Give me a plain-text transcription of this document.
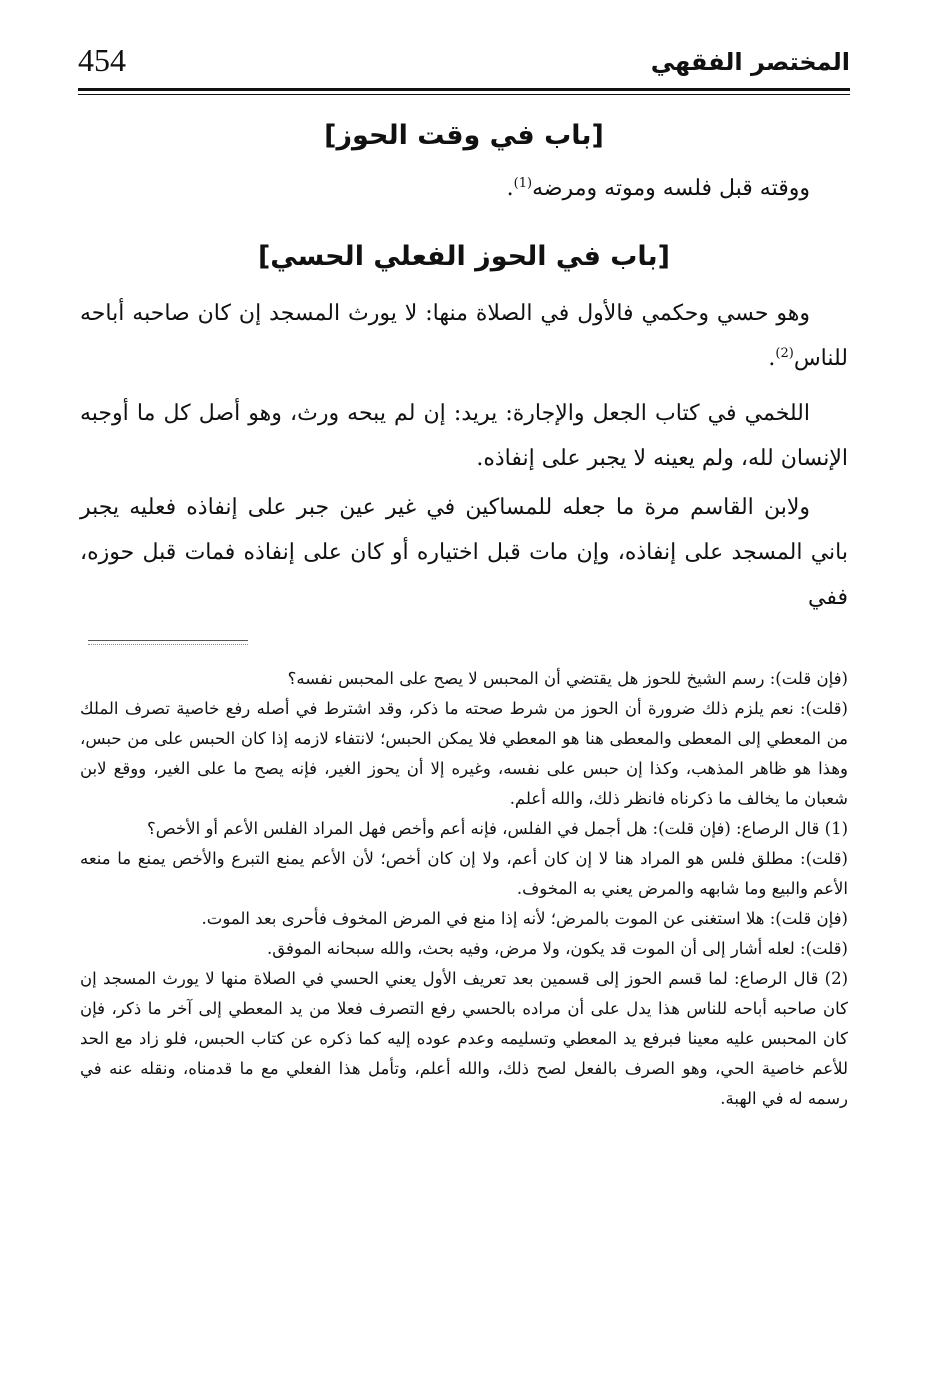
454	المختصر الفقهي
[باب في وقت الحوز]

ووقته قبل فلسه وموته ومرضه$^{(1)}$.

[باب في الحوز الفعلي الحسي]

وهو حسي وحكمي فالأول في الصلاة منها: لا يورث المسجد إن كان صاحبه أباحه للناس$^{(2)}$.

اللخمي في كتاب الجعل والإجارة: يريد: إن لم يبحه ورث، وهو أصل كل ما أوجبه الإنسان لله، ولم يعينه لا يجبر على إنفاذه.

ولابن القاسم مرة ما جعله للمساكين في غير عين جبر على إنفاذه فعليه يجبر باني المسجد على إنفاذه، وإن مات قبل اختياره أو كان على إنفاذه فمات قبل حوزه، ففي

(فإن قلت): رسم الشيخ للحوز هل يقتضي أن المحبس لا يصح على المحبس نفسه؟

(قلت): نعم يلزم ذلك ضرورة أن الحوز من شرط صحته ما ذكر، وقد اشترط في أصله رفع خاصية تصرف الملك من المعطي إلى المعطى والمعطى هنا هو المعطي فلا يمكن الحبس؛ لانتفاء لازمه إذا كان الحبس على من حبس، وهذا هو ظاهر المذهب، وكذا إن حبس على نفسه، وغيره إلا أن يحوز الغير، فإنه يصح ما على الغير، ووقع لابن شعبان ما يخالف ما ذكرناه فانظر ذلك، والله أعلم.

(1) قال الرصاع: (فإن قلت): هل أجمل في الفلس، فإنه أعم وأخص فهل المراد الفلس الأعم أو الأخص؟

(قلت): مطلق فلس هو المراد هنا لا إن كان أعم، ولا إن كان أخص؛ لأن الأعم يمنع التبرع والأخص يمنع ما منعه الأعم والبيع وما شابهه والمرض يعني به المخوف.

(فإن قلت): هلا استغنى عن الموت بالمرض؛ لأنه إذا منع في المرض المخوف فأحرى بعد الموت.

(قلت): لعله أشار إلى أن الموت قد يكون، ولا مرض، وفيه بحث، والله سبحانه الموفق.

(2) قال الرصاع: لما قسم الحوز إلى قسمين بعد تعريف الأول يعني الحسي في الصلاة منها لا يورث المسجد إن كان صاحبه أباحه للناس هذا يدل على أن مراده بالحسي رفع التصرف فعلا من يد المعطي إلى آخر ما ذكر، فإن كان المحبس عليه معينا فبرفع يد المعطي وتسليمه وعدم عوده إليه كما ذكره عن كتاب الحبس، فلو زاد مع الحد للأعم خاصية الحي، وهو الصرف بالفعل لصح ذلك، والله أعلم، وتأمل هذا الفعلي مع ما قدمناه، ونقله عنه في رسمه له في الهبة.
